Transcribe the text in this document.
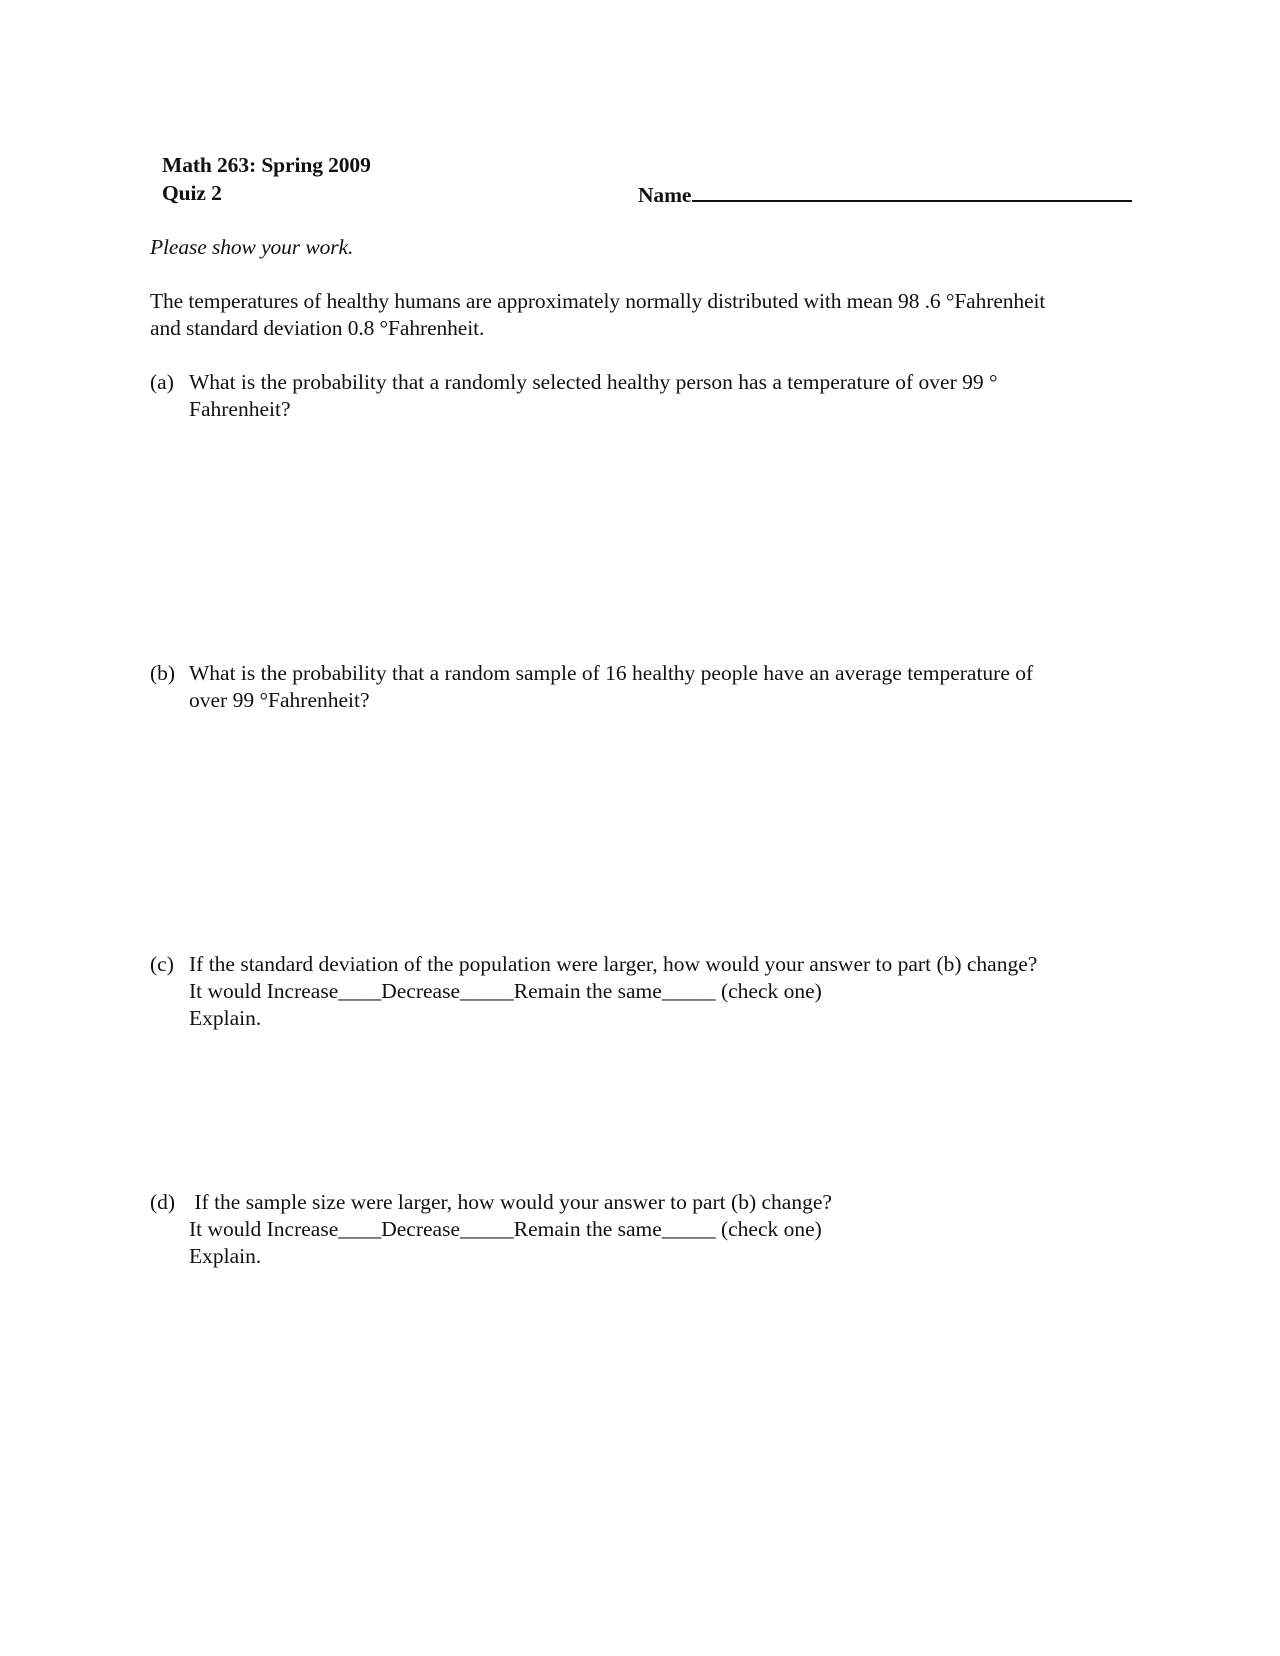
Math 263: Spring 2009
Quiz 2	Name
Please show your work.
The temperatures of healthy humans are approximately normally distributed with mean 98 .6 °Fahrenheit
and standard deviation 0.8 °Fahrenheit.
(a) What is the probability that a randomly selected healthy person has a temperature of over 99 °
Fahrenheit?
(b) What is the probability that a random sample of 16 healthy people have an average temperature of
over 99 °Fahrenheit?
(c) If the standard deviation of the population were larger, how would your answer to part (b) change?
It would Increase____Decrease_____Remain the same_____ (check one)
Explain.
(d) If the sample size were larger, how would your answer to part (b) change?
It would Increase____Decrease_____Remain the same_____ (check one)
Explain.
